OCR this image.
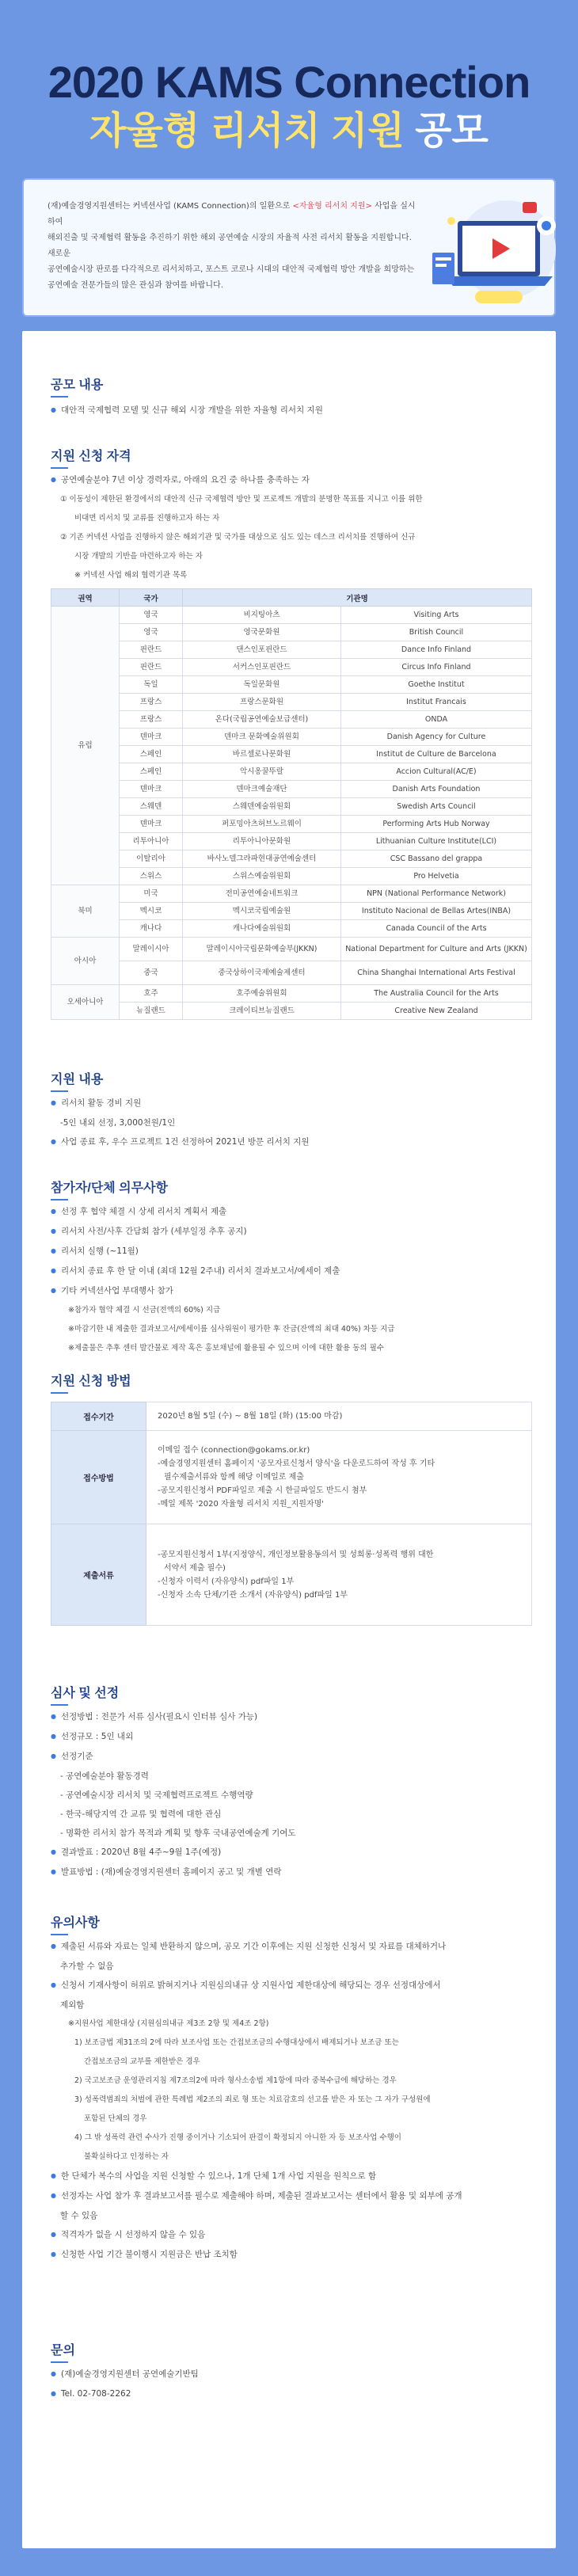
2020 KAMS Connection
자율형 리서치 지원 공모
(재)예술경영지원센터는 커넥션사업 (KAMS Connection)의 일환으로 <자율형 리서치 지원> 사업을 실시하여
해외진출 및 국제협력 활동을 추진하기 위한 해외 공연예술 시장의 자율적 사전 리서치 활동을 지원합니다. 새로운
공연예술시장 판로를 다각적으로 리서치하고, 포스트 코로나 시대의 대안적 국제협력 방안 개발을 희망하는
공연예술 전문가들의 많은 관심과 참여를 바랍니다.
공모 내용
● 대안적 국제협력 모델 및 신규 해외 시장 개발을 위한 자율형 리서치 지원
지원 신청 자격
● 공연예술분야 7년 이상 경력자로, 아래의 요건 중 하나를 충족하는 자
① 이동성이 제한된 환경에서의 대안적 신규 국제협력 방안 및 프로젝트 개발의 분명한 목표를 지니고 이를 위한
비대면 리서치 및 교류를 진행하고자 하는 자
② 기존 커넥션 사업을 진행하지 않은 해외기관 및 국가를 대상으로 심도 있는 데스크 리서치를 진행하여 신규
시장 개발의 기반을 마련하고자 하는 자
※ 커넥션 사업 해외 협력기관 목록
권역	국가	기관명	
유럽	영국	비지팅아츠	Visiting Arts
	영국	영국문화원	British Council
	핀란드	댄스인포핀란드	Dance Info Finland
	핀란드	서커스인포핀란드	Circus Info Finland
	독일	독일문화원	Goethe Institut
	프랑스	프랑스문화원	Institut Francais
	프랑스	온다(국립공연예술보급센터)	ONDA
	덴마크	덴마크 문화예술위원회	Danish Agency for Culture
	스페인	바르셀로나문화원	Institut de Culture de Barcelona
	스페인	악시옹꿀뚜랄	Accion Cultural(AC/E)
	덴마크	덴마크예술재단	Danish Arts Foundation
	스웨덴	스웨덴예술위원회	Swedish Arts Council
	덴마크	퍼포밍아츠허브노르웨이	Performing Arts Hub Norway
	리투아니아	리투아니아문화원	Lithuanian Culture Institute(LCI)
	이탈리아	바사노델그라파현대공연예술센터	CSC Bassano del grappa
	스위스	스위스예술위원회	Pro Helvetia
북미	미국	전미공연예술네트워크	NPN (National Performance Network)
	멕시코	멕시코국립예술원	Instituto Nacional de Bellas Artes(INBA)
	캐나다	캐나다예술위원회	Canada Council of the Arts
아시아	말레이시아	말레이시아국립문화예술부(JKKN)	National Department for Culture and Arts (JKKN)
	중국	중국상하이국제예술제센터	China Shanghai International Arts Festival
오세아니아	호주	호주예술위원회	The Australia Council for the Arts
	뉴질랜드	크레이티브뉴질랜드	Creative New Zealand
지원 내용
● 리서치 활동 경비 지원
-5인 내외 선정, 3,000천원/1인
● 사업 종료 후, 우수 프로젝트 1건 선정하여 2021년 방문 리서치 지원
참가자/단체 의무사항
● 선정 후 협약 체결 시 상세 리서치 계획서 제출
● 리서치 사전/사후 간담회 참가 (세부일정 추후 공지)
● 리서치 실행 (~11월)
● 리서치 종료 후 한 달 이내 (최대 12월 2주내) 리서치 결과보고서/예세이 제출
● 기타 커넥션사업 부대행사 참가
※참가자 협약 체결 시 선금(전액의 60%) 지급
※마감기한 내 제출한 결과보고서/에세이를 심사위원이 평가한 후 잔금(잔액의 최대 40%) 차등 지급
※제출물은 추후 센터 발간물로 제작 혹은 홍보채널에 활용될 수 있으며 이에 대한 활용 동의 필수
지원 신청 방법
접수기간	2020년 8월 5일 (수) ~ 8월 18일 (화) (15:00 마감)

접수방법	이메일 접수 (connection@gokams.or.kr)
-예술경영지원센터 홈페이지 '공모자료신청서 양식'을 다운로드하여 작성 후 기타
필수제출서류와 함께 해당 이메일로 제출
-공모지원신청서 PDF파일로 제출 시 한글파일도 반드시 첨부
-메일 제목 '2020 자율형 리서치 지원_지원자명'

제출서류	-공모지원신청서 1부(지정양식, 개인정보활용동의서 및 성희롱·성폭력 행위 대한
서약서 제출 필수)
-신청자 이력서 (자유양식) pdf파일 1부
-신청자 소속 단체/기관 소개서 (자유양식) pdf파일 1부
심사 및 선정
● 선정방법 : 전문가 서류 심사(필요시 인터뷰 심사 가능)
● 선정규모 : 5인 내외
● 선정기준
- 공연예술분야 활동경력
- 공연예술시장 리서치 및 국제협력프로젝트 수행역량
- 한국-해당지역 간 교류 및 협력에 대한 관심
- 명확한 리서치 참가 목적과 계획 및 향후 국내공연예술계 기여도
● 결과발표 : 2020년 8월 4주~9월 1주(예정)
● 발표방법 : (재)예술경영지원센터 홈페이지 공고 및 개별 연락
유의사항
● 제출된 서류와 자료는 일체 반환하지 않으며, 공모 기간 이후에는 지원 신청한 신청서 및 자료를 대체하거나
추가할 수 없음
● 신청서 기재사항이 허위로 밝혀지거나 지원심의내규 상 지원사업 제한대상에 해당되는 경우 선정대상에서
제외함
※지원사업 제한대상 (지원심의내규 제3조 2항 및 제4조 2항)
1) 보조금법 제31조의 2에 따라 보조사업 또는 간접보조금의 수행대상에서 배제되거나 보조금 또는
간접보조금의 교부를 제한받은 경우
2) 국고보조금 운영관리지침 제7조의2에 따라 형사소송법 제1항에 따라 중복수급에 해당하는 경우
3) 성폭력범죄의 처벌에 관한 특례법 제2조의 죄로 형 또는 치료감호의 선고를 받은 자 또는 그 자가 구성원에
포함된 단체의 경우
4) 그 밖 성폭력 관련 수사가 진행 중이거나 기소되어 판결이 확정되지 아니한 자 등 보조사업 수행이
불확실하다고 인정하는 자
● 한 단체가 복수의 사업을 지원 신청할 수 있으나, 1개 단체 1개 사업 지원을 원칙으로 함
● 선정자는 사업 참가 후 결과보고서를 필수로 제출해야 하며, 제출된 결과보고서는 센터에서 활용 및 외부에 공개
할 수 있음
● 적격자가 없을 시 선정하지 않을 수 있음
● 신청한 사업 기간 불이행시 지원금은 반납 조치함
문의
● (재)예술경영지원센터 공연예술기반팀
● Tel. 02-708-2262
